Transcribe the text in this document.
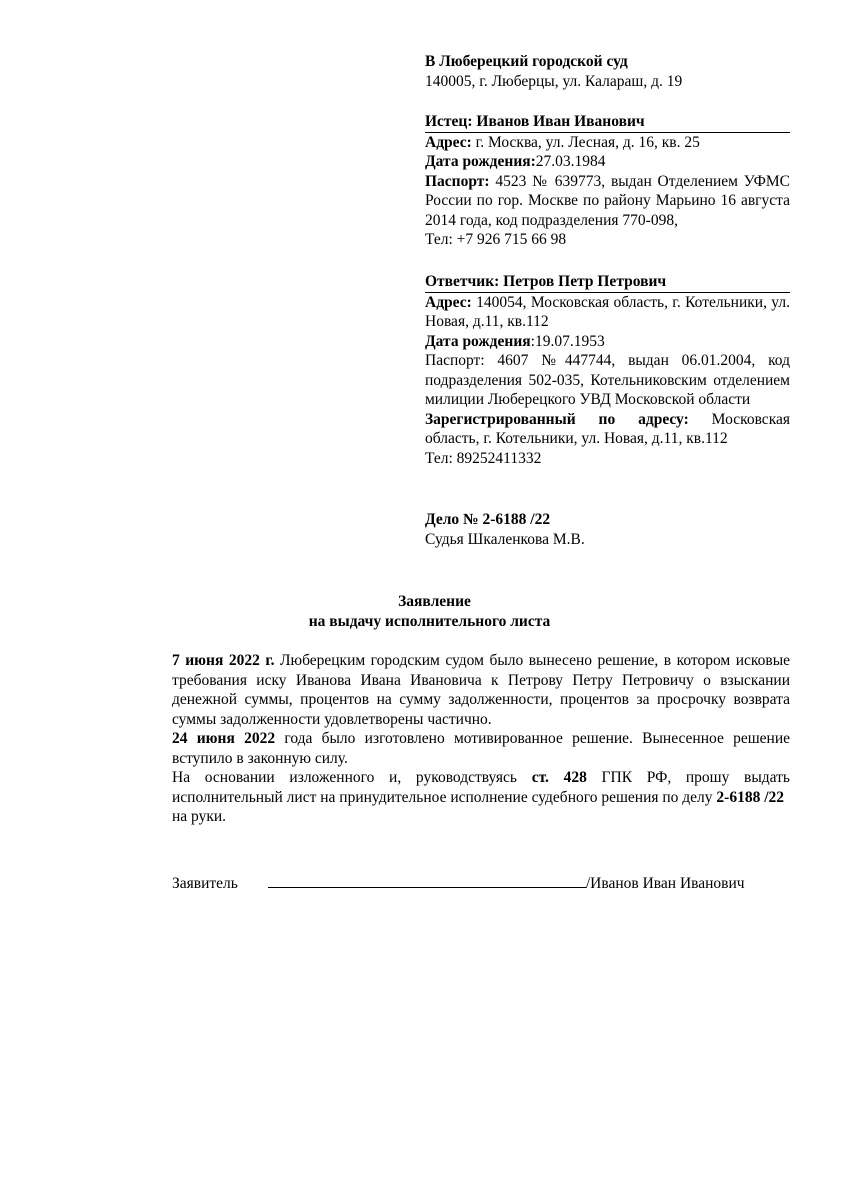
В Люберецкий городской суд
140005, г. Люберцы, ул. Калараш, д. 19
Истец: Иванов Иван Иванович
Адрес: г. Москва, ул. Лесная, д. 16, кв. 25
Дата рождения:27.03.1984
Паспорт: 4523 № 639773, выдан Отделением УФМС России по гор. Москве по району Марьино 16 августа 2014 года, код подразделения 770-098,
Тел: +7 926 715 66 98
Ответчик: Петров Петр Петрович
Адрес: 140054, Московская область, г. Котельники, ул. Новая, д.11, кв.112
Дата рождения:19.07.1953
Паспорт: 4607 №447744, выдан 06.01.2004, код подразделения 502-035, Котельниковским отделением милиции Люберецкого УВД Московской области
Зарегистрированный по адресу: Московская область, г. Котельники, ул. Новая, д.11, кв.112
Тел: 89252411332
Дело № 2-6188 /22
Судья Шкаленкова М.В.
Заявление
на выдачу исполнительного листа
7 июня 2022 г. Люберецким городским судом было вынесено решение, в котором исковые требования иску Иванова Ивана Ивановича к Петрову Петру Петровичу о взыскании денежной суммы, процентов на сумму задолженности, процентов за просрочку возврата суммы задолженности удовлетворены частично.
24 июня 2022 года было изготовлено мотивированное решение. Вынесенное решение вступило в законную силу.
На основании изложенного и, руководствуясь ст. 428 ГПК РФ, прошу выдать исполнительный лист на принудительное исполнение судебного решения по делу 2-6188 /22
на руки.
Заявитель	/Иванов Иван Иванович
